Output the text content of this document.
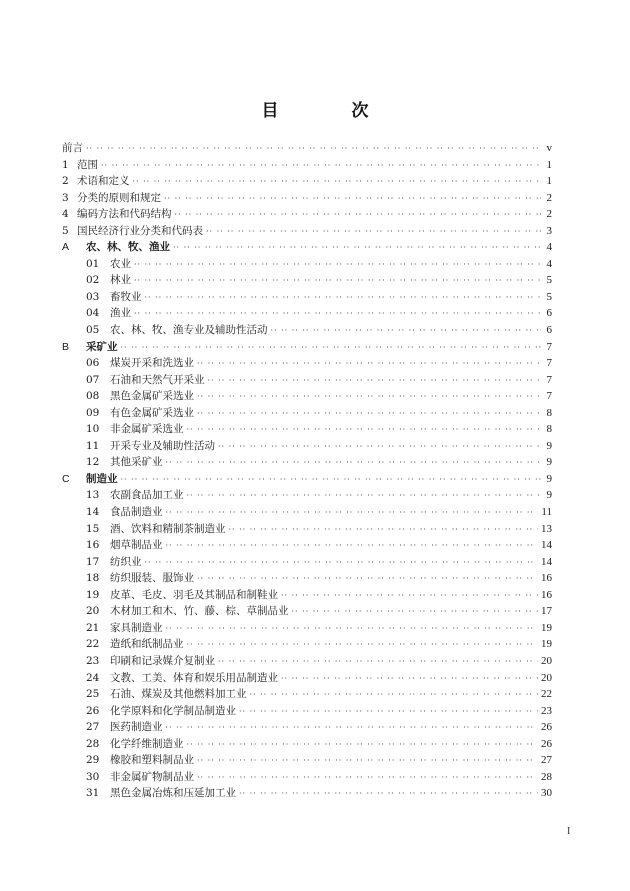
目　次
前言 ·· ··	v
1 范围 ·· ··	1
2 术语和定义 ·· ··	1
3 分类的原则和规定 ·· ··	2
4 编码方法和代码结构 ·· ··	2
5 国民经济行业分类和代码表 ·· ··	3
A	农、林、牧、渔业 ·· ··	4
01	农业 ·· ··	4
02	林业 ·· ··	5
03	畜牧业 ·· ··	5
04	渔业 ·· ··	6
05	农、林、牧、渔专业及辅助性活动 ·· ··	6
B	采矿业 ·· ··	7
06	煤炭开采和洗选业 ·· ··	7
07	石油和天然气开采业 ·· ··	7
08	黑色金属矿采选业 ·· ··	7
09	有色金属矿采选业 ·· ··	8
10	非金属矿采选业 ·· ··	8
11	开采专业及辅助性活动 ·· ··	9
12	其他采矿业 ·· ··	9
C	制造业 ·· ··	9
13	农副食品加工业 ·· ··	9
14	食品制造业 ·· ··	11
15	酒、饮料和精制茶制造业 ·· ··	13
16	烟草制品业 ·· ··	14
17	纺织业 ·· ··	14
18	纺织服装、服饰业 ·· ··	16
19	皮革、毛皮、羽毛及其制品和制鞋业 ·· ··	16
20	木材加工和木、竹、藤、棕、草制品业 ·· ··	17
21	家具制造业 ·· ··	19
22	造纸和纸制品业 ·· ··	19
23	印刷和记录媒介复制业 ·· ··	20
24	文教、工美、体育和娱乐用品制造业 ·· ··	20
25	石油、煤炭及其他燃料加工业 ·· ··	22
26	化学原料和化学制品制造业 ·· ··	23
27	医药制造业 ·· ··	26
28	化学纤维制造业 ·· ··	26
29	橡胶和塑料制品业 ·· ··	27
30	非金属矿物制品业 ·· ··	28
31	黑色金属冶炼和压延加工业 ·· ··	30
I
